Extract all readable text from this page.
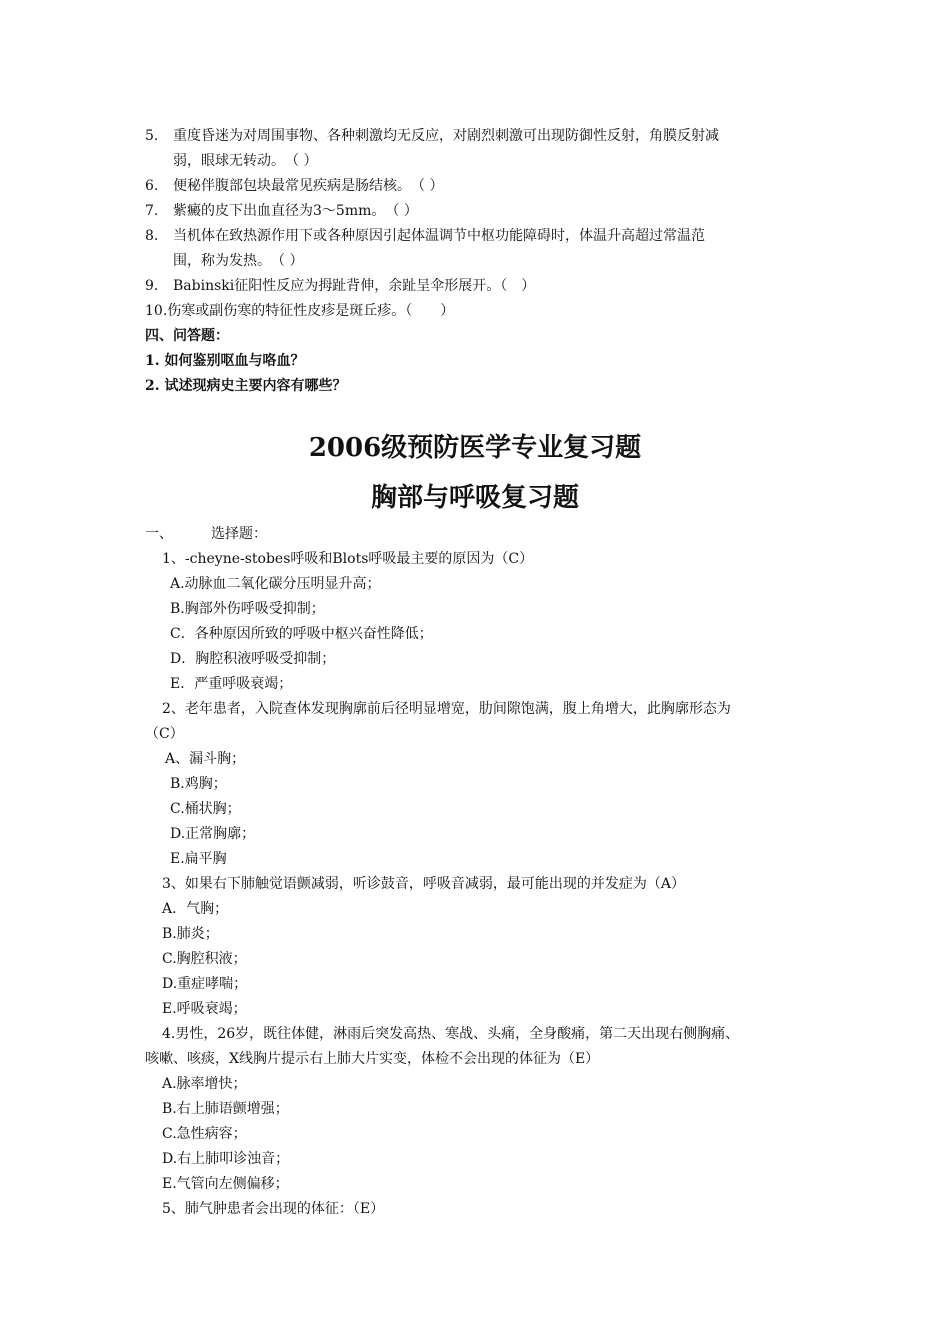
5. 重度昏迷为对周围事物、各种刺激均无反应，对剧烈刺激可出现防御性反射，角膜反射减
弱，眼球无转动。　（ ）
6. 便秘伴腹部包块最常见疾病是肠结核。　（ ）
7. 紫癜的皮下出血直径为3～5mm。　（ ）
8. 当机体在致热源作用下或各种原因引起体温调节中枢功能障碍时，体温升高超过常温范
围，称为发热。　（ ）
9. Babinski征阳性反应为拇趾背伸，余趾呈伞形展开。（　）
10.伤寒或副伤寒的特征性皮疹是斑丘疹。（　　）
四、问答题：
1. 如何鉴别呕血与咯血？
2. 试述现病史主要内容有哪些？
2006级预防医学专业复习题
胸部与呼吸复习题
一、	选择题：
1、-cheyne-stobes呼吸和Blots呼吸最主要的原因为（C）
A.动脉血二氧化碳分压明显升高；
B.胸部外伤呼吸受抑制；
C．各种原因所致的呼吸中枢兴奋性降低；
D．胸腔积液呼吸受抑制；
E．严重呼吸衰竭；
2、老年患者，入院查体发现胸廓前后径明显增宽，肋间隙饱满，腹上角增大，此胸廓形态为
（C）
A、漏斗胸；
B.鸡胸；
C.桶状胸；
D.正常胸廓；
E.扁平胸
3、如果右下肺触觉语颤减弱，听诊鼓音，呼吸音减弱，最可能出现的并发症为（A）
A．气胸；
B.肺炎；
C.胸腔积液；
D.重症哮喘；
E.呼吸衰竭；
4.男性，26岁，既往体健，淋雨后突发高热、寒战、头痛，全身酸痛，第二天出现右侧胸痛、
咳嗽、咳痰，X线胸片提示右上肺大片实变，体检不会出现的体征为（E）
A.脉率增快；
B.右上肺语颤增强；
C.急性病容；
D.右上肺叩诊浊音；
E.气管向左侧偏移；
5、肺气肿患者会出现的体征：（E）
